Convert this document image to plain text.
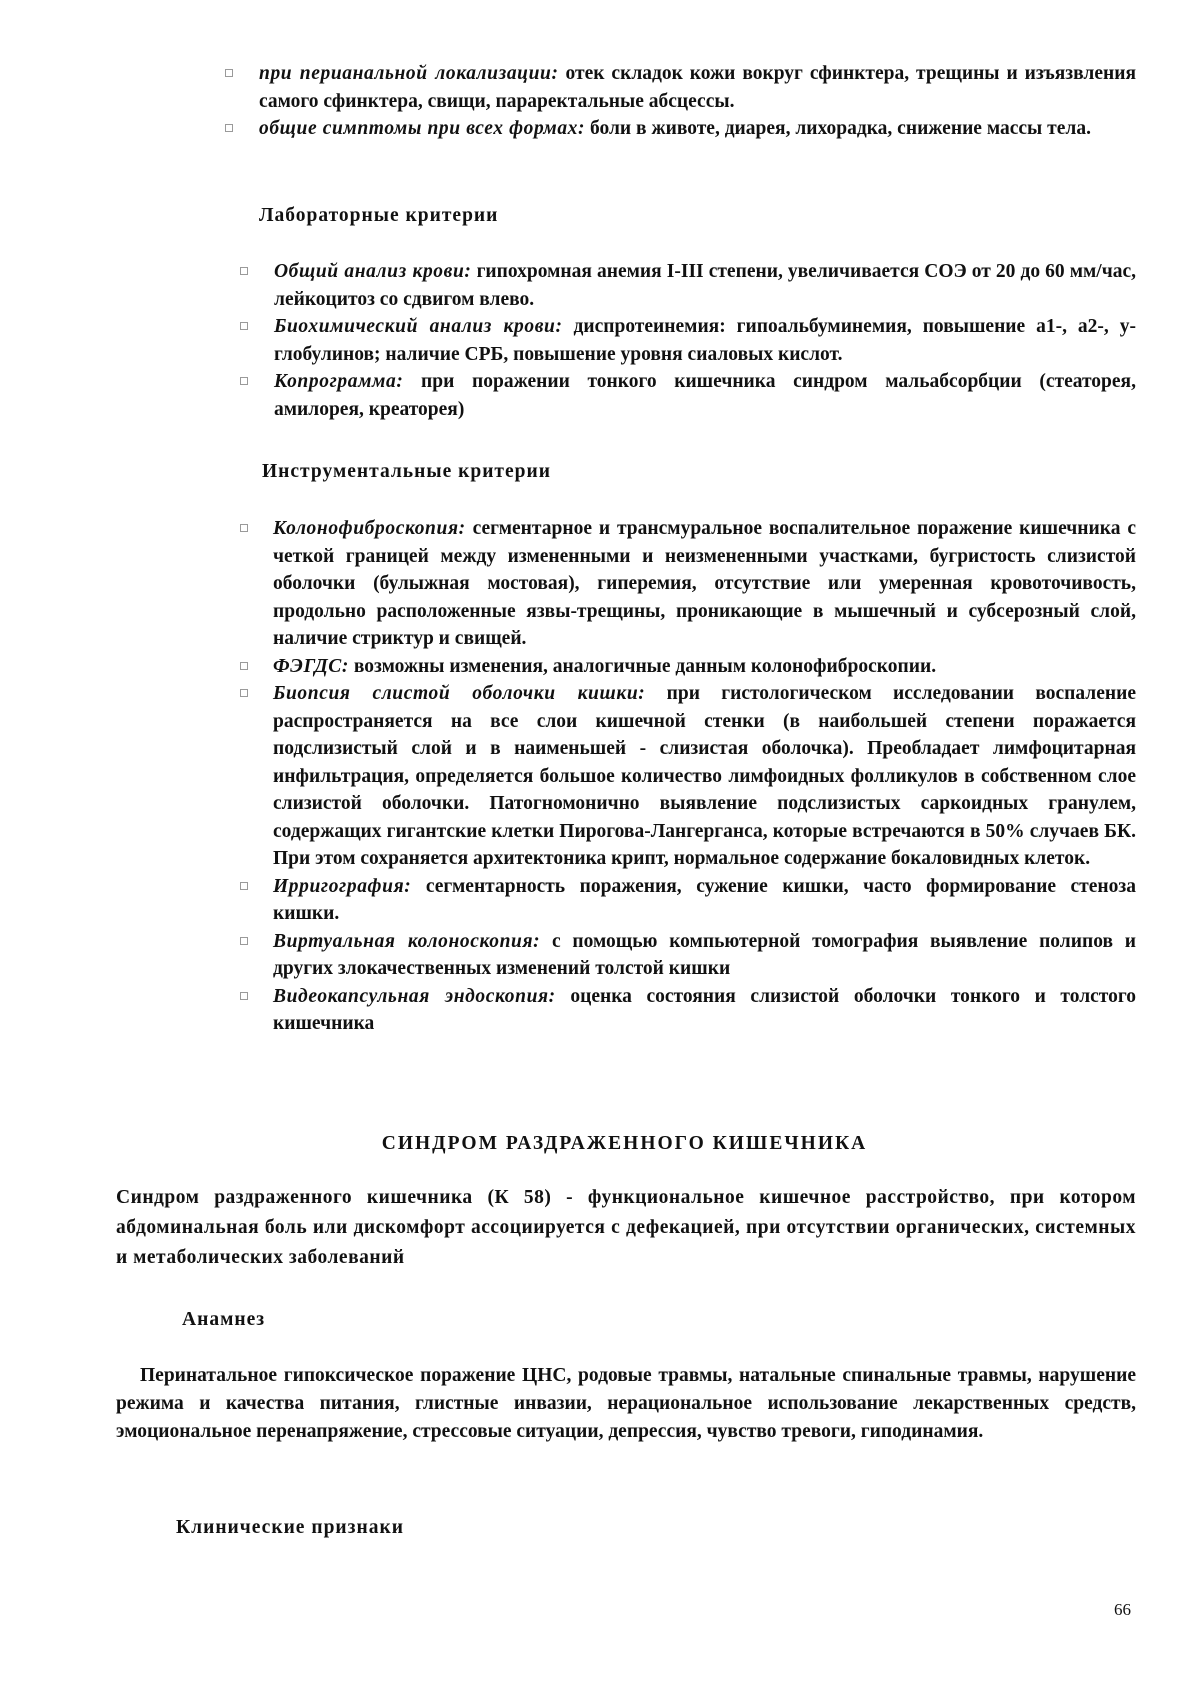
при перианальной локализации: отек складок кожи вокруг сфинктера, трещины и изъязвления самого сфинктера, свищи, параректальные абсцессы.
общие симптомы при всех формах: боли в животе, диарея, лихорадка, снижение массы тела.
Лабораторные критерии
Общий анализ крови: гипохромная анемия I-III степени, увеличивается СОЭ от 20 до 60 мм/час, лейкоцитоз со сдвигом влево.
Биохимический анализ крови: диспротеинемия: гипоальбуминемия, повышение а1-, а2-, у-глобулинов; наличие СРБ, повышение уровня сиаловых кислот.
Копрограмма: при поражении тонкого кишечника синдром мальабсорбции (стеаторея, амилорея, креаторея)
Инструментальные критерии
Колонофиброскопия: сегментарное и трансмуральное воспалительное поражение кишечника с четкой границей между измененными и неизмененными участками, бугристость слизистой оболочки (булыжная мостовая), гиперемия, отсутствие или умеренная кровоточивость, продольно расположенные язвы-трещины, проникающие в мышечный и субсерозный слой, наличие стриктур и свищей.
ФЭГДС: возможны изменения, аналогичные данным колонофиброскопии.
Биопсия слистой оболочки кишки: при гистологическом исследовании воспаление распространяется на все слои кишечной стенки (в наибольшей степени поражается подслизистый слой и в наименьшей - слизистая оболочка). Преобладает лимфоцитарная инфильтрация, определяется большое количество лимфоидных фолликулов в собственном слое слизистой оболочки. Патогномонично выявление подслизистых саркоидных гранулем, содержащих гигантские клетки Пирогова-Лангерганса, которые встречаются в 50% случаев БК. При этом сохраняется архитектоника крипт, нормальное содержание бокаловидных клеток.
Ирригография: сегментарность поражения, сужение кишки, часто формирование стеноза кишки.
Виртуальная колоноскопия: с помощью компьютерной томография выявление полипов и других злокачественных изменений толстой кишки
Видеокапсульная эндоскопия: оценка состояния слизистой оболочки тонкого и толстого кишечника
СИНДРОМ РАЗДРАЖЕННОГО КИШЕЧНИКА

Синдром раздраженного кишечника (К 58) - функциональное кишечное расстройство, при котором абдоминальная боль или дискомфорт ассоциируется с дефекацией, при отсутствии органических, системных и метаболических заболеваний

Анамнез

Перинатальное гипоксическое поражение ЦНС, родовые травмы, натальные спинальные травмы, нарушение режима и качества питания, глистные инвазии, нерациональное использование лекарственных средств, эмоциональное перенапряжение, стрессовые ситуации, депрессия, чувство тревоги, гиподинамия.

Клинические признаки
66
